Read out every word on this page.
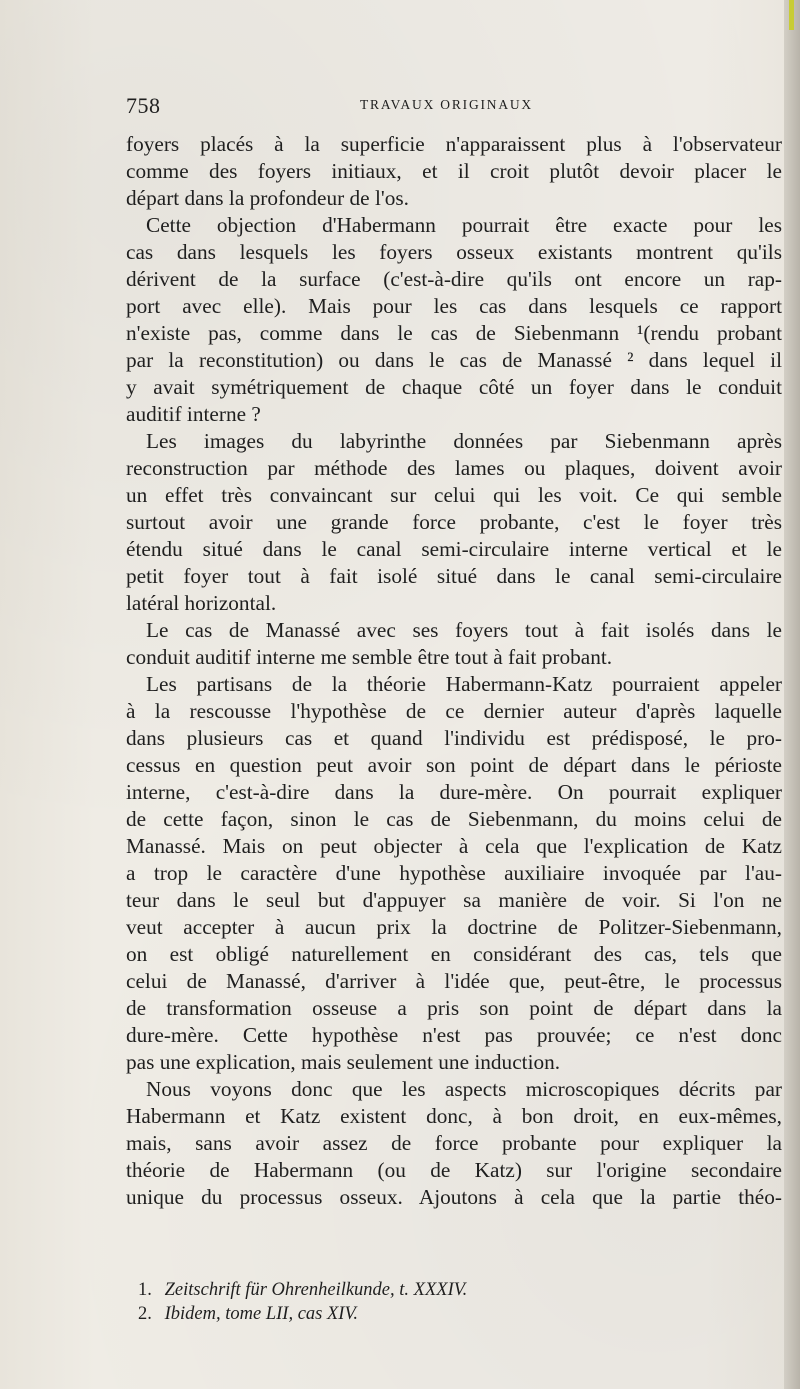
758	TRAVAUX ORIGINAUX
foyers placés à la superficie n'apparaissent plus à l'observateur
comme des foyers initiaux, et il croit plutôt devoir placer le
départ dans la profondeur de l'os.
Cette objection d'Habermann pourrait être exacte pour les
cas dans lesquels les foyers osseux existants montrent qu'ils
dérivent de la surface (c'est-à-dire qu'ils ont encore un rap-
port avec elle). Mais pour les cas dans lesquels ce rapport
n'existe pas, comme dans le cas de Siebenmann ¹(rendu probant
par la reconstitution) ou dans le cas de Manassé ² dans lequel il
y avait symétriquement de chaque côté un foyer dans le conduit
auditif interne ?
Les images du labyrinthe données par Siebenmann après
reconstruction par méthode des lames ou plaques, doivent avoir
un effet très convaincant sur celui qui les voit. Ce qui semble
surtout avoir une grande force probante, c'est le foyer très
étendu situé dans le canal semi-circulaire interne vertical et le
petit foyer tout à fait isolé situé dans le canal semi-circulaire
latéral horizontal.
Le cas de Manassé avec ses foyers tout à fait isolés dans le
conduit auditif interne me semble être tout à fait probant.
Les partisans de la théorie Habermann-Katz pourraient appeler
à la rescousse l'hypothèse de ce dernier auteur d'après laquelle
dans plusieurs cas et quand l'individu est prédisposé, le pro-
cessus en question peut avoir son point de départ dans le périoste
interne, c'est-à-dire dans la dure-mère. On pourrait expliquer
de cette façon, sinon le cas de Siebenmann, du moins celui de
Manassé. Mais on peut objecter à cela que l'explication de Katz
a trop le caractère d'une hypothèse auxiliaire invoquée par l'au-
teur dans le seul but d'appuyer sa manière de voir. Si l'on ne
veut accepter à aucun prix la doctrine de Politzer-Siebenmann,
on est obligé naturellement en considérant des cas, tels que
celui de Manassé, d'arriver à l'idée que, peut-être, le processus
de transformation osseuse a pris son point de départ dans la
dure-mère. Cette hypothèse n'est pas prouvée; ce n'est donc
pas une explication, mais seulement une induction.
Nous voyons donc que les aspects microscopiques décrits par
Habermann et Katz existent donc, à bon droit, en eux-mêmes,
mais, sans avoir assez de force probante pour expliquer la
théorie de Habermann (ou de Katz) sur l'origine secondaire
unique du processus osseux. Ajoutons à cela que la partie théo-
1. Zeitschrift für Ohrenheilkunde, t. XXXIV.
2. Ibidem, tome LII, cas XIV.
